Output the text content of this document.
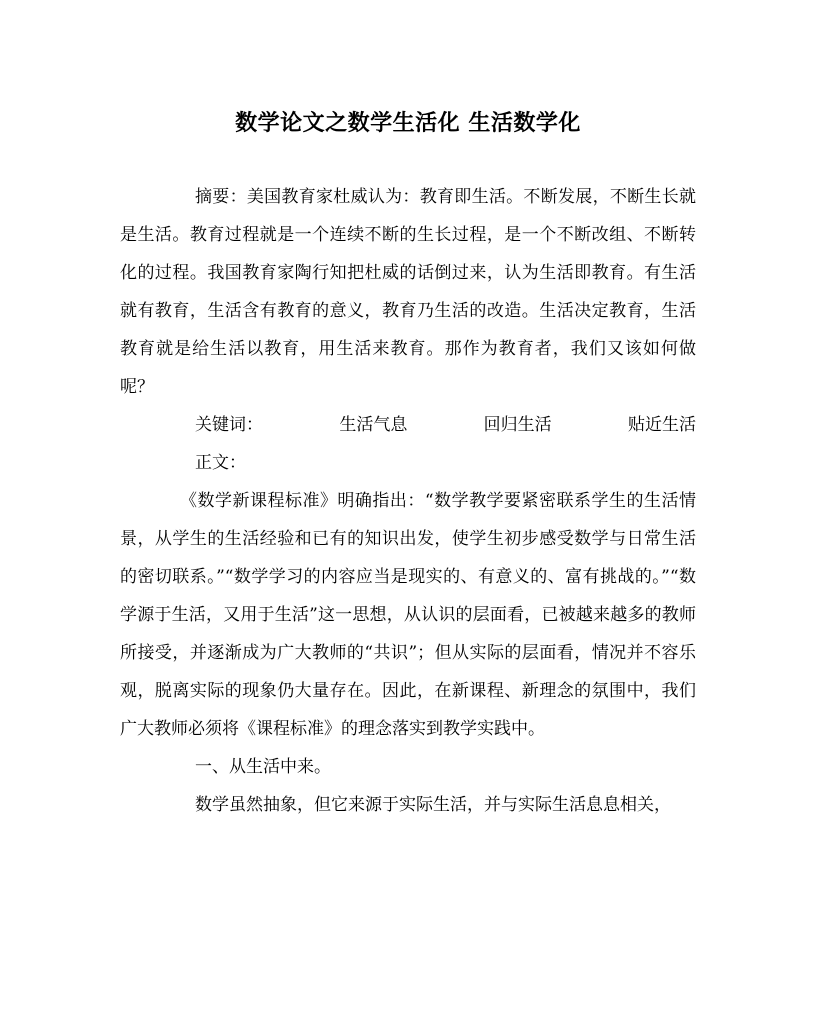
数学论文之数学生活化 生活数学化

摘要：美国教育家杜威认为：教育即生活。不断发展，不断生长就是生活。教育过程就是一个连续不断的生长过程，是一个不断改组、不断转化的过程。我国教育家陶行知把杜威的话倒过来，认为生活即教育。有生活就有教育，生活含有教育的意义，教育乃生活的改造。生活决定教育，生活教育就是给生活以教育，用生活来教育。那作为教育者，我们又该如何做呢？

关键词：	生活气息	回归生活	贴近生活

正文：

《数学新课程标准》明确指出：“数学教学要紧密联系学生的生活情景，从学生的生活经验和已有的知识出发，使学生初步感受数学与日常生活的密切联系。”“数学学习的内容应当是现实的、有意义的、富有挑战的。”“数学源于生活，又用于生活”这一思想，从认识的层面看，已被越来越多的教师所接受，并逐渐成为广大教师的“共识”；但从实际的层面看，情况并不容乐观，脱离实际的现象仍大量存在。因此，在新课程、新理念的氛围中，我们广大教师必须将《课程标准》的理念落实到教学实践中。

一、从生活中来。

数学虽然抽象，但它来源于实际生活，并与实际生活息息相关，
